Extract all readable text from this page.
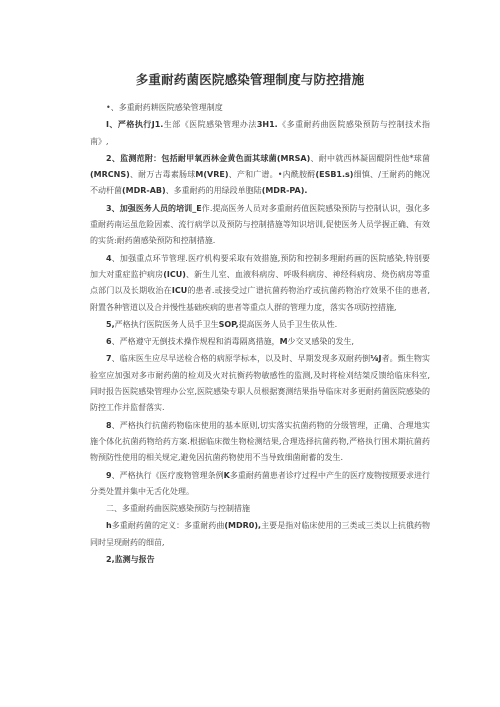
多重耐药菌医院感染管理制度与防控措施

•、多重耐药耕医院感染管理制度

I、严格执行J1.生部《医院感染管理办法3H1.《多重耐药曲医院感染预防与控制技术指南》,

2、监测范附：包括耐甲氧西林金黄色面其球菌(MRSA)、耐中就西林凝固醍阴性他*球菌(MRCNS)、耐万古毒素肠球M(VRE)、产和广谱。•内酰胺酹(ESB1.s)细慎、/王耐药的鲍况不动杆菌(MDR-AB)、多重耐药的用绿段单胞陆(MDR-PA).

3、加强医务人员的培训_E作.提高医务人员对多重耐药值医院感染预防与控制认识，强化多重耐药南运虽危险因素、流行病学以及预防与控制措施等知识培训,促使医务人员学握正确、有效的实货:耐药菌感染预防和控制措施.

4、加强重点环节管理.医疗机构要采取有效措施,预防和控制多理耐药画的医院感染,特别要加大对重症监护病房(ICU)、新生儿室、血液科病房、呼吸科病房、神经科病房、烧伤病房等重点部门以及长期收治在ICU的患者.或接受过广谱抗菌药物治疗或抗菌药物治疗效果不佳的患者,附置各种管道以及合并慢性基础疾病的患者等重点人群的管理力度，落实各项防控措施,

5,严格执行医院医务人员手卫生SOP,提高医务人员手卫生依从性.

6、严格遵守无倒技术操作规程和消毒隔离措施，M少交叉感染的发生,

7、临床医生应尽早送检合格的病原学标本，以及时、早期发现多双耐药倒⅛J者。甄生物实验室应加强对多市耐药菌的检刈及火对抗衡药物敏感性的监测,及时将检刈结桀反馈给临床科室,同时报告医院感染管理办公室,医院感染专职人员根据赛测结果指导临床对多更耐药菌医院感染的防控工作并监督落实.

8、严格执行抗菌药物临床使用的基本原则,切实落实抗菌药物的分级管理，正确、合理地实施个体化抗菌药物给药方案.根据临床微生物检测结果,合理选择抗菌药物,严格执行围术期抗菌药物预防性使用的相关规定,避免因抗菌药物使用不当导致细菌耐蓄的发生.

9、严格执行《医疗废物管理条例K多重耐药菌患者诊疗过程中产生的医疗废物按照要求进行分类处置并集中无舌化处理。

二、多重耐药曲医院感染预防与控制措施

h多重耐药菌的定义：多重耐药曲(MDR0),主要是指对临床使用的三类或三类以上抗俄药物同时呈现耐药的细苗,

2,监测与报告
